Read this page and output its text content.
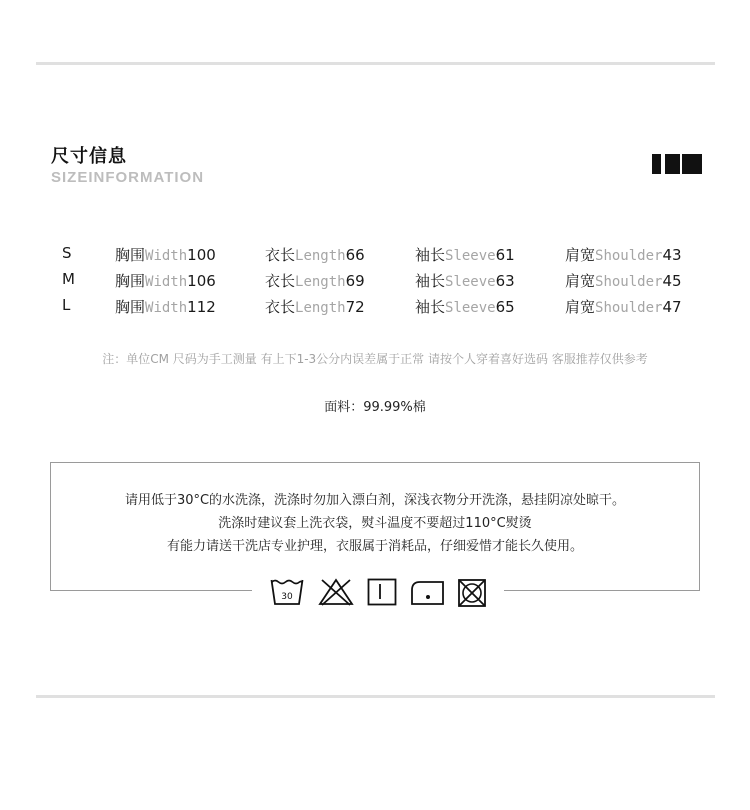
尺寸信息
SIZEINFORMATION
S	胸围Width100	衣长Length66	袖长Sleeve61	肩宽Shoulder43
M	胸围Width106	衣长Length69	袖长Sleeve63	肩宽Shoulder45
L	胸围Width112	衣长Length72	袖长Sleeve65	肩宽Shoulder47
注：单位CM 尺码为手工测量 有上下1-3公分内误差属于正常 请按个人穿着喜好选码 客服推荐仅供参考
面料：99.99%棉
请用低于30°C的水洗涤，洗涤时勿加入漂白剂，深浅衣物分开洗涤，悬挂阴凉处晾干。
洗涤时建议套上洗衣袋，熨斗温度不要超过110°C熨烫
有能力请送干洗店专业护理，衣服属于消耗品，仔细爱惜才能长久使用。
30
